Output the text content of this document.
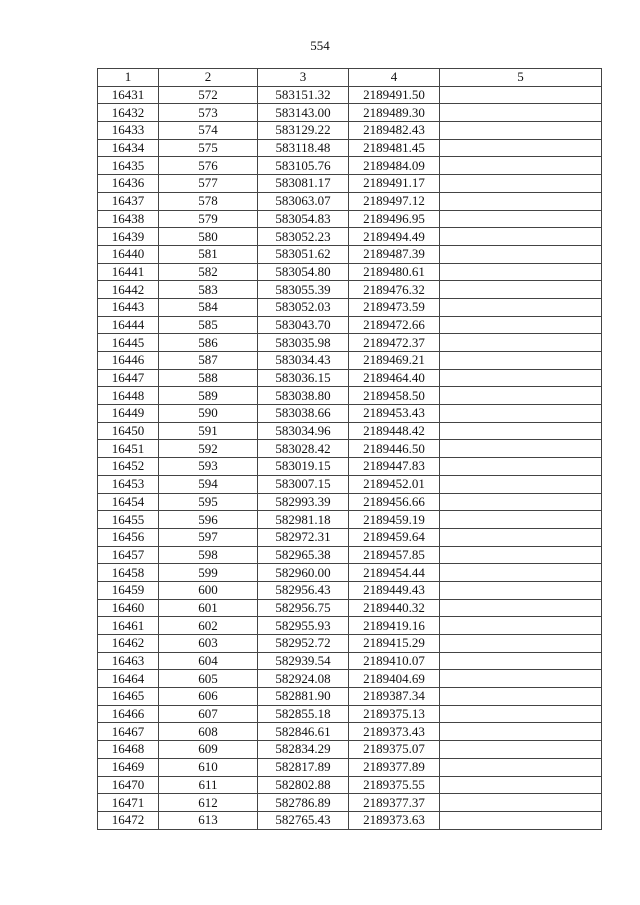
554
1	2	3	4	5
16431	572	583151.32	2189491.50	
16432	573	583143.00	2189489.30	
16433	574	583129.22	2189482.43	
16434	575	583118.48	2189481.45	
16435	576	583105.76	2189484.09	
16436	577	583081.17	2189491.17	
16437	578	583063.07	2189497.12	
16438	579	583054.83	2189496.95	
16439	580	583052.23	2189494.49	
16440	581	583051.62	2189487.39	
16441	582	583054.80	2189480.61	
16442	583	583055.39	2189476.32	
16443	584	583052.03	2189473.59	
16444	585	583043.70	2189472.66	
16445	586	583035.98	2189472.37	
16446	587	583034.43	2189469.21	
16447	588	583036.15	2189464.40	
16448	589	583038.80	2189458.50	
16449	590	583038.66	2189453.43	
16450	591	583034.96	2189448.42	
16451	592	583028.42	2189446.50	
16452	593	583019.15	2189447.83	
16453	594	583007.15	2189452.01	
16454	595	582993.39	2189456.66	
16455	596	582981.18	2189459.19	
16456	597	582972.31	2189459.64	
16457	598	582965.38	2189457.85	
16458	599	582960.00	2189454.44	
16459	600	582956.43	2189449.43	
16460	601	582956.75	2189440.32	
16461	602	582955.93	2189419.16	
16462	603	582952.72	2189415.29	
16463	604	582939.54	2189410.07	
16464	605	582924.08	2189404.69	
16465	606	582881.90	2189387.34	
16466	607	582855.18	2189375.13	
16467	608	582846.61	2189373.43	
16468	609	582834.29	2189375.07	
16469	610	582817.89	2189377.89	
16470	611	582802.88	2189375.55	
16471	612	582786.89	2189377.37	
16472	613	582765.43	2189373.63	
